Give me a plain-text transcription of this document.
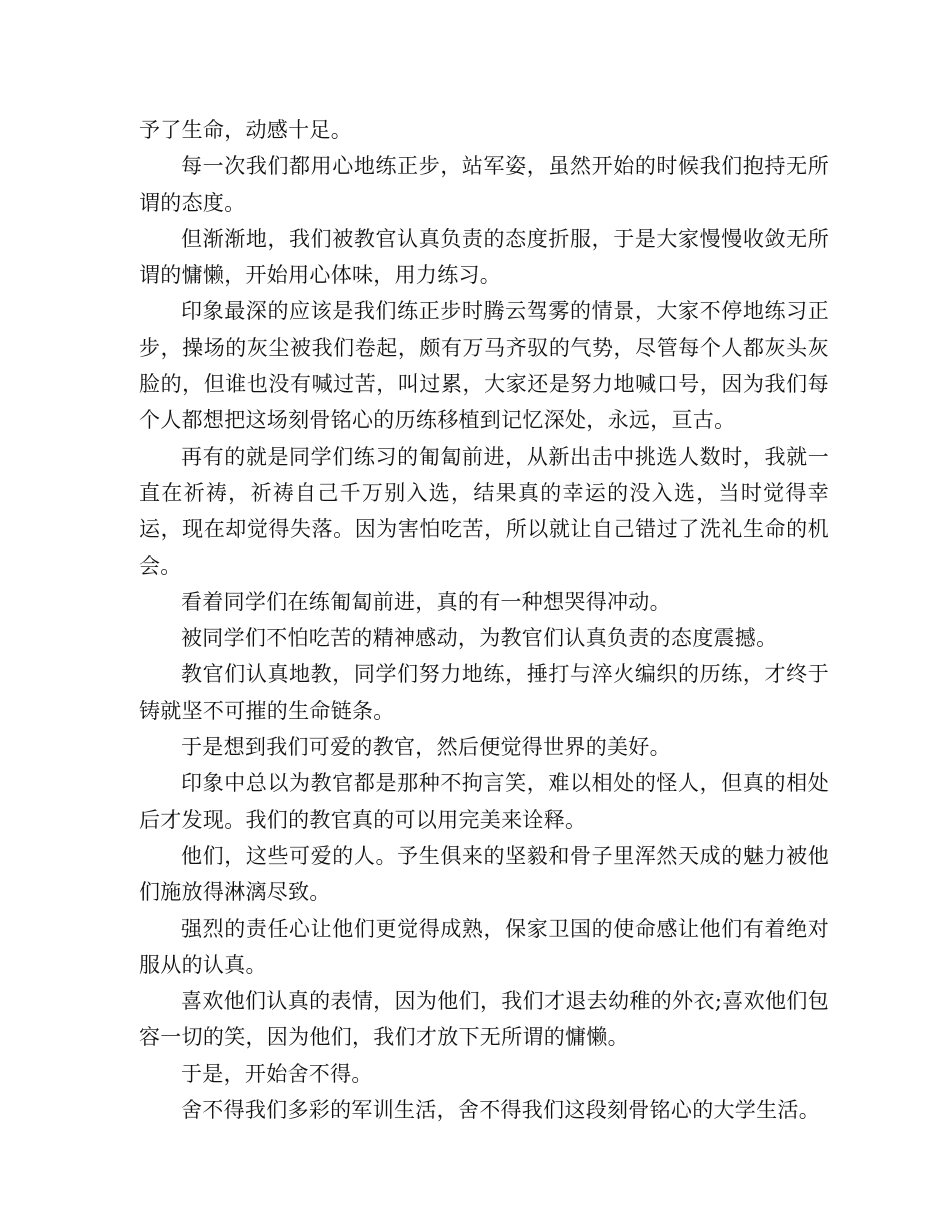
予了生命，动感十足。

每一次我们都用心地练正步，站军姿，虽然开始的时候我们抱持无所谓的态度。

但渐渐地，我们被教官认真负责的态度折服，于是大家慢慢收敛无所谓的慵懒，开始用心体味，用力练习。

印象最深的应该是我们练正步时腾云驾雾的情景，大家不停地练习正步，操场的灰尘被我们卷起，颇有万马齐驭的气势，尽管每个人都灰头灰脸的，但谁也没有喊过苦，叫过累，大家还是努力地喊口号，因为我们每个人都想把这场刻骨铭心的历练移植到记忆深处，永远，亘古。

再有的就是同学们练习的匍匐前进，从新出击中挑选人数时，我就一直在祈祷，祈祷自己千万别入选，结果真的幸运的没入选，当时觉得幸运，现在却觉得失落。因为害怕吃苦，所以就让自己错过了洗礼生命的机会。

看着同学们在练匍匐前进，真的有一种想哭得冲动。

被同学们不怕吃苦的精神感动，为教官们认真负责的态度震撼。

教官们认真地教，同学们努力地练，捶打与淬火编织的历练，才终于铸就坚不可摧的生命链条。

于是想到我们可爱的教官，然后便觉得世界的美好。

印象中总以为教官都是那种不拘言笑，难以相处的怪人，但真的相处后才发现。我们的教官真的可以用完美来诠释。

他们，这些可爱的人。予生俱来的坚毅和骨子里浑然天成的魅力被他们施放得淋漓尽致。

强烈的责任心让他们更觉得成熟，保家卫国的使命感让他们有着绝对服从的认真。

喜欢他们认真的表情，因为他们，我们才退去幼稚的外衣;喜欢他们包容一切的笑，因为他们，我们才放下无所谓的慵懒。

于是，开始舍不得。

舍不得我们多彩的军训生活，舍不得我们这段刻骨铭心的大学生活。
